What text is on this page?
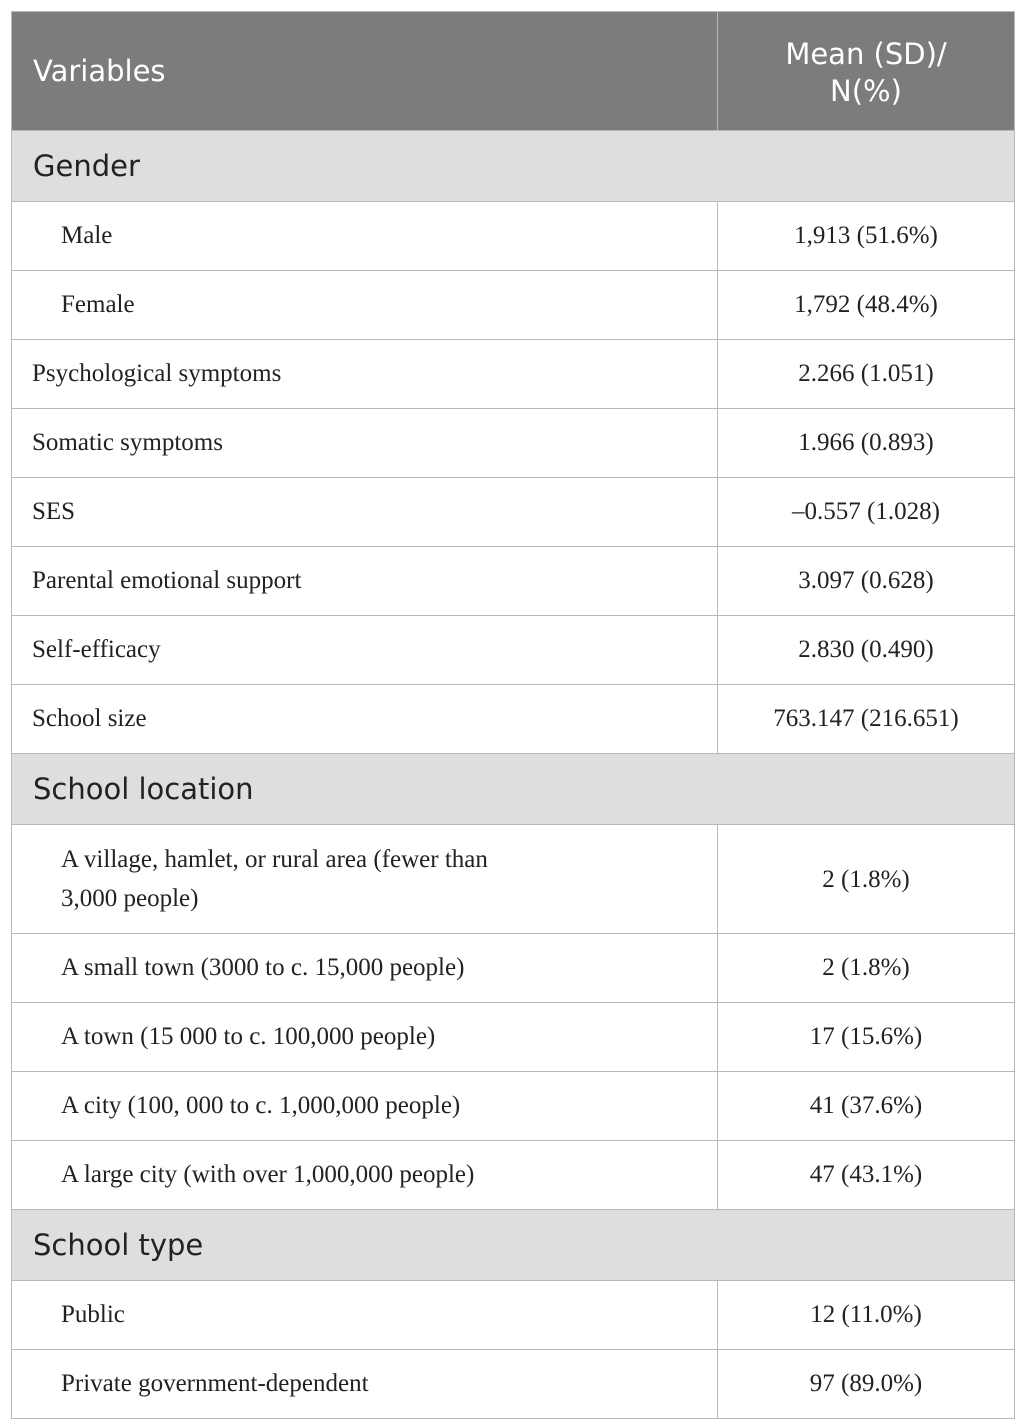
Variables	Mean (SD)/
N(%)
Gender	
Male	1,913 (51.6%)
Female	1,792 (48.4%)
Psychological symptoms	2.266 (1.051)
Somatic symptoms	1.966 (0.893)
SES	–0.557 (1.028)
Parental emotional support	3.097 (0.628)
Self-efficacy	2.830 (0.490)
School size	763.147 (216.651)
School location	
A village, hamlet, or rural area (fewer than
3,000 people)	2 (1.8%)
A small town (3000 to c. 15,000 people)	2 (1.8%)
A town (15 000 to c. 100,000 people)	17 (15.6%)
A city (100, 000 to c. 1,000,000 people)	41 (37.6%)
A large city (with over 1,000,000 people)	47 (43.1%)
School type	
Public	12 (11.0%)
Private government-dependent	97 (89.0%)
